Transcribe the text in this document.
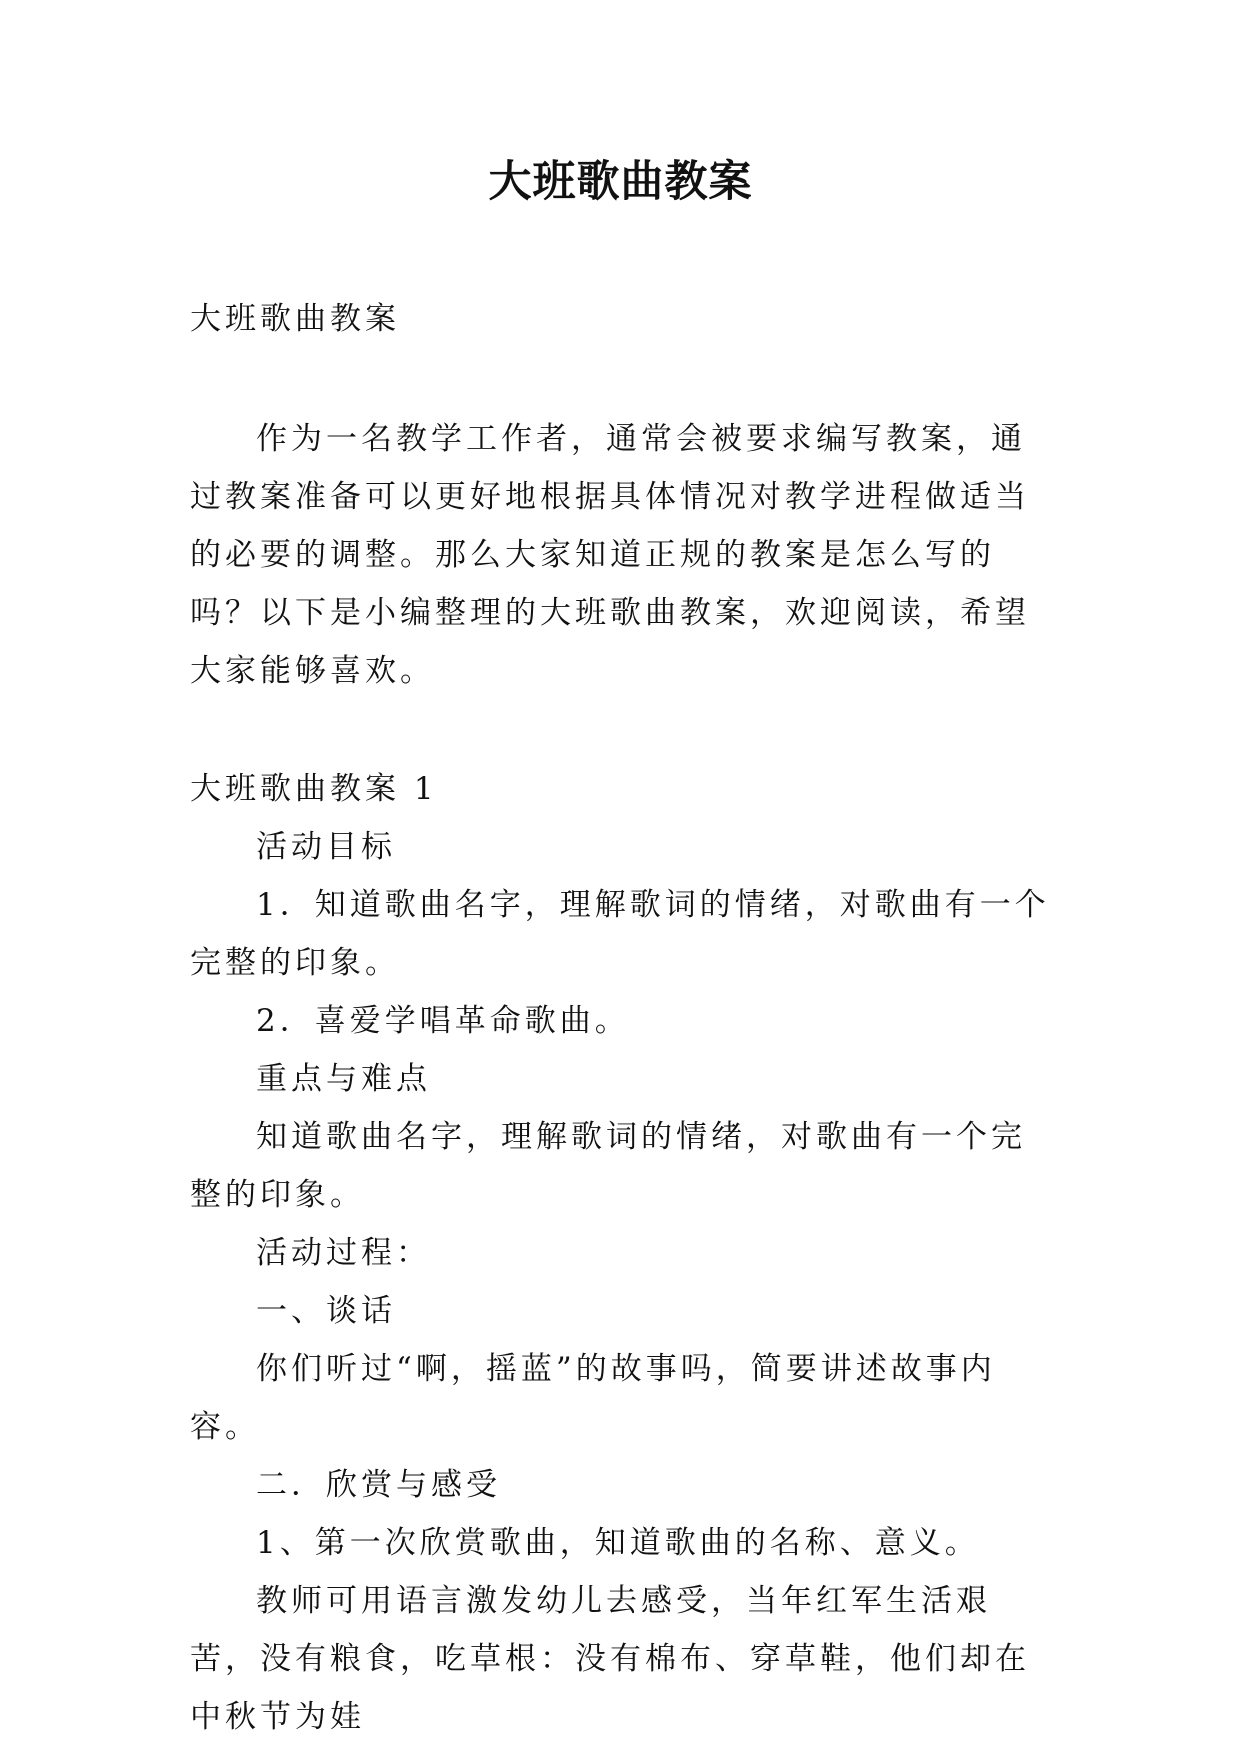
大班歌曲教案

大班歌曲教案

作为一名教学工作者，通常会被要求编写教案，通过教案准备可以更好地根据具体情况对教学进程做适当的必要的调整。那么大家知道正规的教案是怎么写的吗？以下是小编整理的大班歌曲教案，欢迎阅读，希望大家能够喜欢。

大班歌曲教案 1

活动目标

1．知道歌曲名字，理解歌词的情绪，对歌曲有一个完整的印象。

2．喜爱学唱革命歌曲。

重点与难点

知道歌曲名字，理解歌词的情绪，对歌曲有一个完整的印象。

活动过程：

一、谈话

你们听过“啊，摇蓝”的故事吗，简要讲述故事内容。

二．欣赏与感受

1、第一次欣赏歌曲，知道歌曲的名称、意义。

教师可用语言激发幼儿去感受，当年红军生活艰苦，没有粮食，吃草根：没有棉布、穿草鞋，他们却在中秋节为娃
